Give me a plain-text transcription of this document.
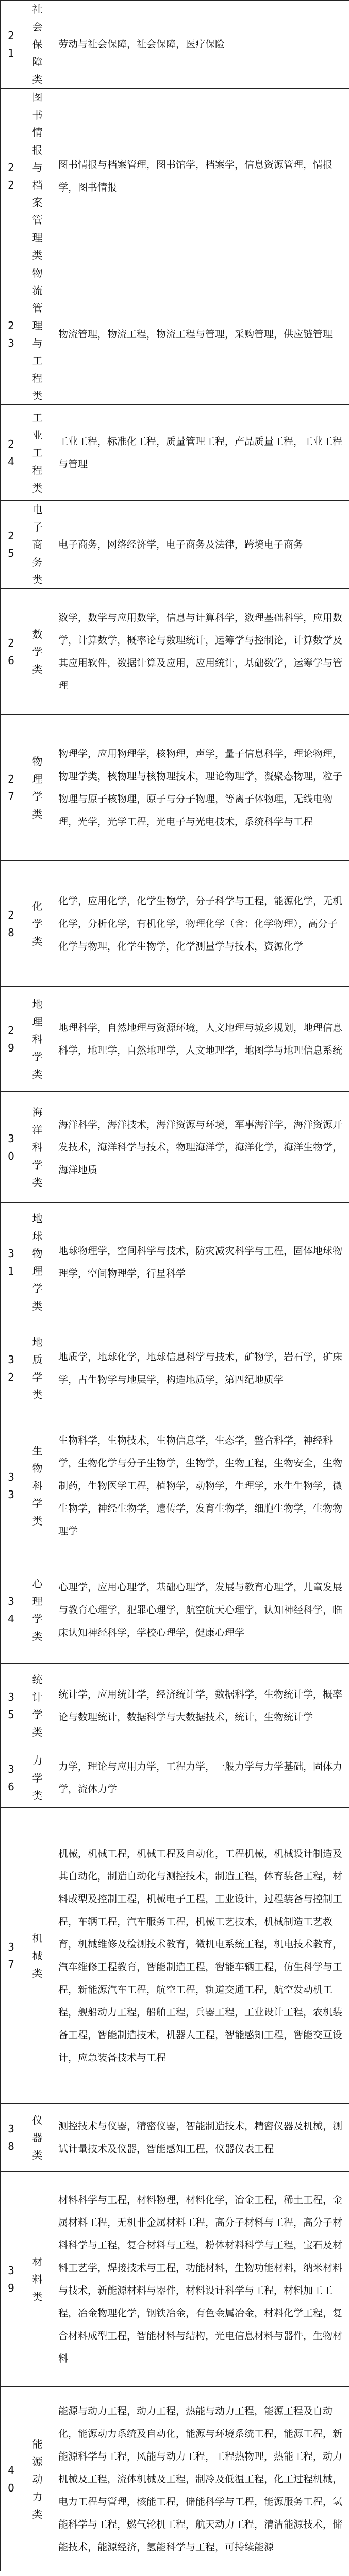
21	社会保障类	劳动与社会保障，社会保障，医疗保险
22	图书情报与档案管理类	图书情报与档案管理，图书馆学，档案学，信息资源管理，情报学，图书情报
23	物流管理与工程类	物流管理，物流工程，物流工程与管理，采购管理，供应链管理
24	工业工程类	工业工程，标准化工程，质量管理工程，产品质量工程，工业工程与管理
25	电子商务类	电子商务，网络经济学，电子商务及法律，跨境电子商务
26	数学类	数学，数学与应用数学，信息与计算科学，数理基础科学，应用数学，计算数学，概率论与数理统计，运筹学与控制论，计算数学及其应用软件，数据计算及应用，应用统计，基础数学，运筹学与管理
27	物理学类	物理学，应用物理学，核物理，声学，量子信息科学，理论物理，物理学类，核物理与核物理技术，理论物理学，凝聚态物理，粒子物理与原子核物理，原子与分子物理，等离子体物理，无线电物理，光学，光学工程，光电子与光电技术，系统科学与工程
28	化学类	化学，应用化学，化学生物学，分子科学与工程，能源化学，无机化学，分析化学，有机化学，物理化学（含：化学物理），高分子化学与物理，化学生物学，化学测量学与技术，资源化学
29	地理科学类	地理科学，自然地理与资源环境，人文地理与城乡规划，地理信息科学，地理学，自然地理学，人文地理学，地图学与地理信息系统
30	海洋科学类	海洋科学，海洋技术，海洋资源与环境，军事海洋学，海洋资源开发技术，海洋科学与技术，物理海洋学，海洋化学，海洋生物学，海洋地质
31	地球物理学类	地球物理学，空间科学与技术，防灾减灾科学与工程，固体地球物理学，空间物理学，行星科学
32	地质学类	地质学，地球化学，地球信息科学与技术，矿物学，岩石学，矿床学，古生物学与地层学，构造地质学，第四纪地质学
33	生物科学类	生物科学，生物技术，生物信息学，生态学，整合科学，神经科学，生物化学与分子生物学，生物学，生物工程，生物安全，生物制药，生物医学工程，植物学，动物学，生理学，水生生物学，微生物学，神经生物学，遗传学，发育生物学，细胞生物学，生物物理学
34	心理学类	心理学，应用心理学，基础心理学，发展与教育心理学，儿童发展与教育心理学，犯罪心理学，航空航天心理学，认知神经科学，临床认知神经科学，学校心理学，健康心理学
35	统计学类	统计学，应用统计学，经济统计学，数据科学，生物统计学，概率论与数理统计，数据科学与大数据技术，统计，生物统计学
36	力学类	力学，理论与应用力学，工程力学，一般力学与力学基础，固体力学，流体力学
37	机械类	机械，机械工程，机械工程及自动化，工程机械，机械设计制造及其自动化，制造自动化与测控技术，制造工程，体育装备工程，材料成型及控制工程，机械电子工程，工业设计，过程装备与控制工程，车辆工程，汽车服务工程，机械工艺技术，机械制造工艺教育，机械维修及检测技术教育，微机电系统工程，机电技术教育，汽车维修工程教育，智能制造工程，智能车辆工程，仿生科学与工程，新能源汽车工程，航空工程，轨道交通工程，航空发动机工程，舰船动力工程，船舶工程，兵器工程，工业设计工程，农机装备工程，智能制造技术，机器人工程，智能感知工程，智能交互设计，应急装备技术与工程
38	仪器类	测控技术与仪器，精密仪器，智能制造技术，精密仪器及机械，测试计量技术及仪器，智能感知工程，仪器仪表工程
39	材料类	材料科学与工程，材料物理，材料化学，冶金工程，稀土工程，金属材料工程，无机非金属材料工程，高分子材料与工程，高分子材料科学与工程，复合材料与工程，粉体材料科学与工程，宝石及材料工艺学，焊接技术与工程，功能材料，生物功能材料，纳米材料与技术，新能源材料与器件，材料设计科学与工程，材料加工工程，冶金物理化学，钢铁冶金，有色金属冶金，材料化学工程，复合材料成型工程，智能材料与结构，光电信息材料与器件，生物材料
40	能源动力类	能源与动力工程，动力工程，热能与动力工程，能源工程及自动化，能源动力系统及自动化，能源与环境系统工程，能源工程，新能源科学与工程，风能与动力工程，工程热物理，热能工程，动力机械及工程，流体机械及工程，制冷及低温工程，化工过程机械，电力工程与管理，核能工程，储能科学与工程，能源服务工程，氢能科学与工程，燃气轮机工程，航天动力工程，清洁能源技术，储能技术，能源经济，氢能科学与工程，可持续能源
